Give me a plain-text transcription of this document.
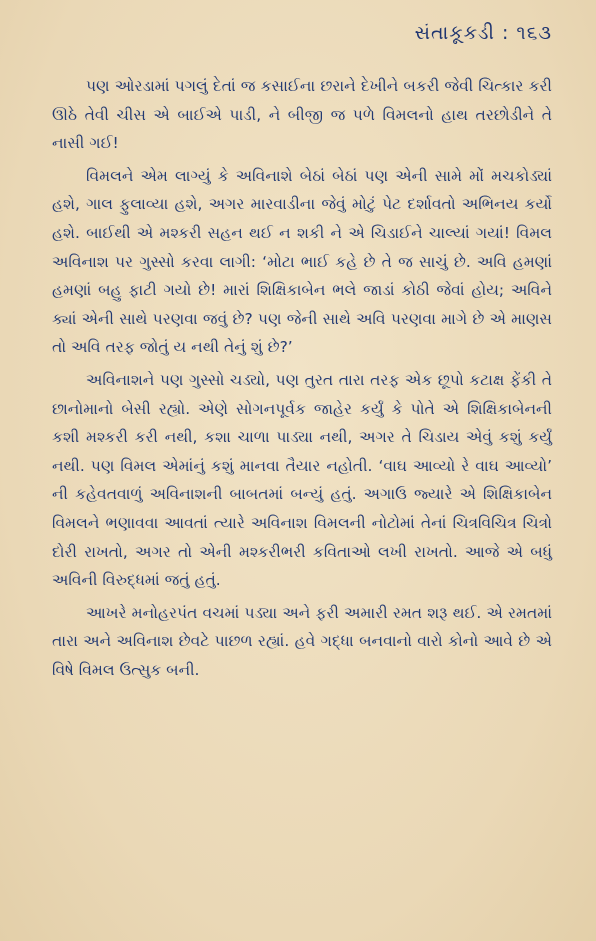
સંતાકૂકડી : ૧૬૩

પણ ઓરડામાં પગલું દેતાં જ કસાઈના છરાને દેખીને બકરી જેવી ચિત્કાર કરી ઊઠે તેવી ચીસ એ બાઈએ પાડી, ને બીજી જ પળે વિમલનો હાથ તરછોડીને તે નાસી ગઈ!

વિમલને એમ લાગ્યું કે અવિનાશે બેઠાં બેઠાં પણ એની સામે મોં મચકોડ્યાં હશે, ગાલ ફુલાવ્યા હશે, અગર મારવાડીના જેવું મોટું પેટ દર્શાવતો અભિનય કર્યો હશે. બાઈથી એ મશ્કરી સહન થઈ ન શકી ને એ ચિડાઈને ચાલ્યાં ગયાં! વિમલ અવિનાશ પર ગુસ્સો કરવા લાગી: ‘મોટા ભાઈ કહે છે તે જ સાચું છે. અવિ હમણાં હમણાં બહુ ફાટી ગયો છે! મારાં શિક્ષિકાબેન ભલે જાડાં કોઠી જેવાં હોય; અવિને ક્યાં એની સાથે પરણવા જવું છે? પણ જેની સાથે અવિ પરણવા માગે છે એ માણસ તો અવિ તરફ જોતું ય નથી તેનું શું છે?’

અવિનાશને પણ ગુસ્સો ચડ્યો, પણ તુરત તારા તરફ એક છૂપો કટાક્ષ ફેંકી તે છાનોમાનો બેસી રહ્યો. એણે સોગનપૂર્વક જાહેર કર્યું કે પોતે એ શિક્ષિકાબેનની કશી મશ્કરી કરી નથી, કશા ચાળા પાડ્યા નથી, અગર તે ચિડાય એવું કશું કર્યું નથી. પણ વિમલ એમાંનું કશું માનવા તૈયાર નહોતી. ‘વાઘ આવ્યો રે વાઘ આવ્યો’ ની કહેવતવાળું અવિનાશની બાબતમાં બન્યું હતું. અગાઉ જ્યારે એ શિક્ષિકાબેન વિમલને ભણાવવા આવતાં ત્યારે અવિનાશ વિમલની નોટોમાં તેનાં ચિત્રવિચિત્ર ચિત્રો દોરી રાખતો, અગર તો એની મશ્કરીભરી કવિતાઓ લખી રાખતો. આજે એ બધું અવિની વિરુદ્ધમાં જતું હતું.

આખરે મનોહરપંત વચમાં પડ્યા અને ફરી અમારી રમત શરૂ થઈ. એ રમતમાં તારા અને અવિનાશ છેવટે પાછળ રહ્યાં. હવે ગદ્ધા બનવાનો વારો કોનો આવે છે એ વિષે વિમલ ઉત્સુક બની.
